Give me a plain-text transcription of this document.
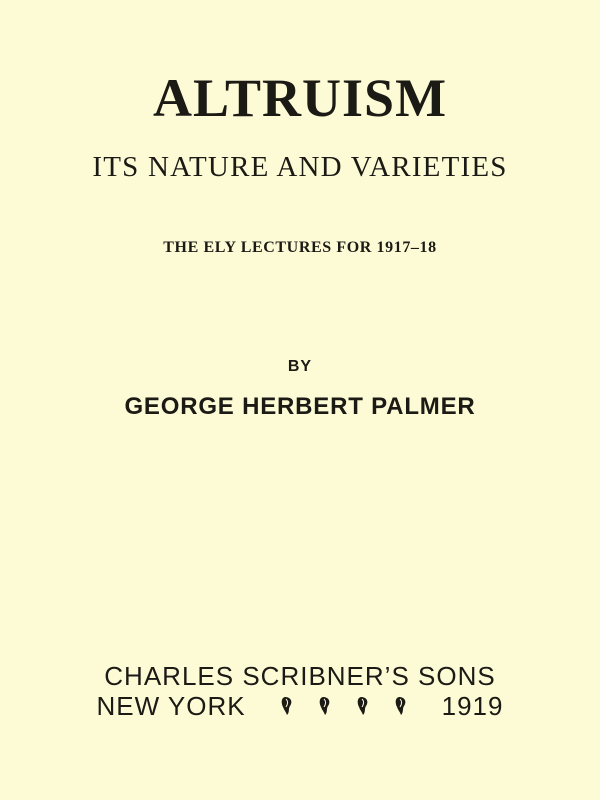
ALTRUISM
ITS NATURE AND VARIETIES
THE ELY LECTURES FOR 1917–18
BY
GEORGE HERBERT PALMER
CHARLES SCRIBNER’S SONS
NEW YORK	1919
